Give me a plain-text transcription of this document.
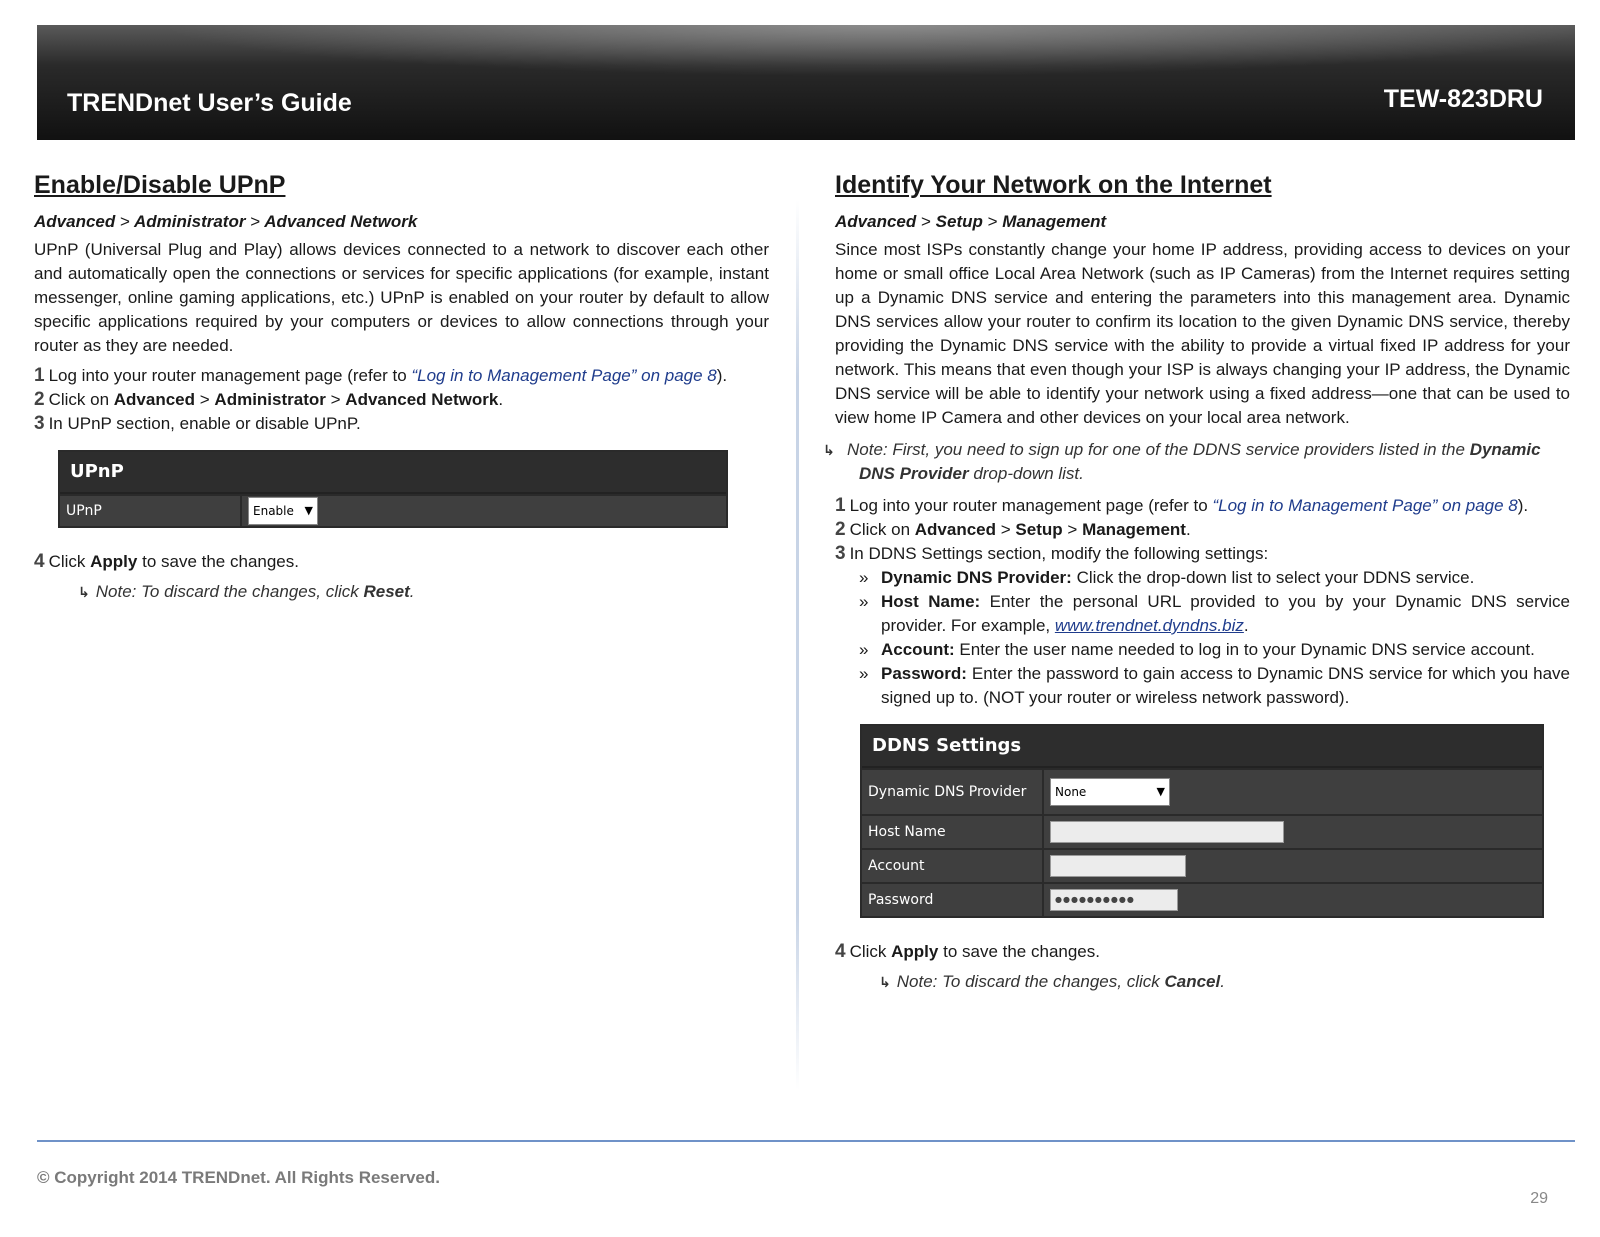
TRENDnet User’s Guide	TEW-823DRU
Enable/Disable UPnP
Advanced > Administrator > Advanced Network

UPnP (Universal Plug and Play) allows devices connected to a network to discover each other and automatically open the connections or services for specific applications (for example, instant messenger, online gaming applications, etc.) UPnP is enabled on your router by default to allow specific applications required by your computers or devices to allow connections through your router as they are needed.

1 Log into your router management page (refer to “Log in to Management Page” on page 8).
2 Click on Advanced > Administrator > Advanced Network.
3 In UPnP section, enable or disable UPnP.
UPnP
UPnP	Enable ▼
4 Click Apply to save the changes.
↳ Note: To discard the changes, click Reset.
Identify Your Network on the Internet
Advanced > Setup > Management

Since most ISPs constantly change your home IP address, providing access to devices on your home or small office Local Area Network (such as IP Cameras) from the Internet requires setting up a Dynamic DNS service and entering the parameters into this management area. Dynamic DNS services allow your router to confirm its location to the given Dynamic DNS service, thereby providing the Dynamic DNS service with the ability to provide a virtual fixed IP address for your network. This means that even though your ISP is always changing your IP address, the Dynamic DNS service will be able to identify your network using a fixed address—one that can be used to view home IP Camera and other devices on your local area network.

↳ Note: First, you need to sign up for one of the DDNS service providers listed in the Dynamic DNS Provider drop-down list.
1 Log into your router management page (refer to “Log in to Management Page” on page 8).
2 Click on Advanced > Setup > Management.
3 In DDNS Settings section, modify the following settings:
» Dynamic DNS Provider: Click the drop-down list to select your DDNS service.
» Host Name: Enter the personal URL provided to you by your Dynamic DNS service provider. For example, www.trendnet.dyndns.biz.
» Account: Enter the user name needed to log in to your Dynamic DNS service account.
» Password: Enter the password to gain access to Dynamic DNS service for which you have signed up to. (NOT your router or wireless network password).
DDNS Settings
Dynamic DNS Provider	None	▼
Host Name
Account
Password	●●●●●●●●●●
4 Click Apply to save the changes.
↳ Note: To discard the changes, click Cancel.
© Copyright 2014 TRENDnet. All Rights Reserved.
29
